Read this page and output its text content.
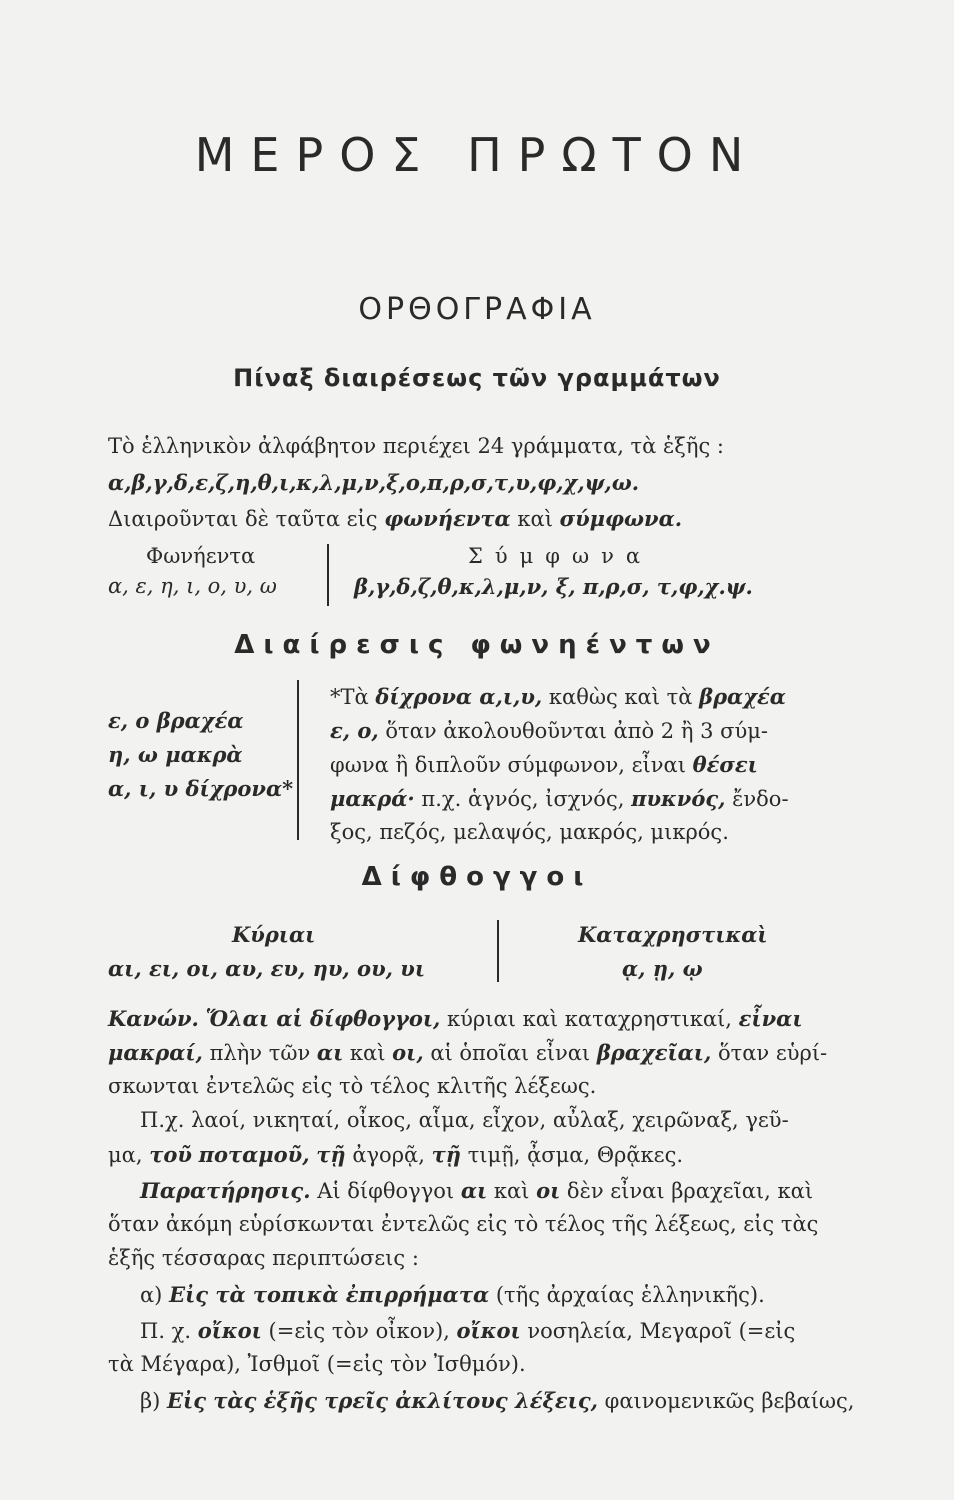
ΜΕΡΟΣ ΠΡΩΤΟΝ
ΟΡΘΟΓΡΑΦΙΑ
Πίναξ διαιρέσεως τῶν γραμμάτων
Τὸ ἑλληνικὸν ἀλφάβητον περιέχει 24 γράμματα, τὰ ἑξῆς :
α,β,γ,δ,ε,ζ,η,θ,ι,κ,λ,μ,ν,ξ,ο,π,ρ,σ,τ,υ,φ,χ,ψ,ω.
Διαιροῦνται δὲ ταῦτα εἰς φωνήεντα καὶ σύμφωνα.
Φωνήεντα
α, ε, η, ι, ο, υ, ω
Σύμφωνα
β,γ,δ,ζ,θ,κ,λ,μ,ν, ξ, π,ρ,σ, τ,φ,χ.ψ.
Διαίρεσις φωνηέντων
ε, ο βραχέα
η, ω μακρὰ
α, ι, υ δίχρονα*
*Τὰ δίχρονα α,ι,υ, καθὼς καὶ τὰ βραχέα
ε, ο, ὅταν ἀκολουθοῦνται ἀπὸ 2 ἢ 3 σύμ-
φωνα ἢ διπλοῦν σύμφωνον, εἶναι θέσει
μακρά· π.χ. ἁγνός, ἰσχνός, πυκνός, ἔνδο-
ξος, πεζός, μελαψός, μακρός, μικρός.
Δίφθογγοι
Κύριαι
αι, ει, οι, αυ, ευ, ηυ, ου, υι
Καταχρηστικαὶ
ᾳ, ῃ, ῳ
Κανών. Ὅλαι αἱ δίφθογγοι, κύριαι καὶ καταχρηστικαί, εἶναι
μακραί, πλὴν τῶν αι καὶ οι, αἱ ὁποῖαι εἶναι βραχεῖαι, ὅταν εὑρί-
σκωνται ἐντελῶς εἰς τὸ τέλος κλιτῆς λέξεως.
Π.χ. λαοί, νικηταί, οἶκος, αἷμα, εἶχον, αὖλαξ, χειρῶναξ, γεῦ-
μα, τοῦ ποταμοῦ, τῇ ἀγορᾷ, τῇ τιμῇ, ᾆσμα, Θρᾷκες.
Παρατήρησις. Αἱ δίφθογγοι αι καὶ οι δὲν εἶναι βραχεῖαι, καὶ
ὅταν ἀκόμη εὑρίσκωνται ἐντελῶς εἰς τὸ τέλος τῆς λέξεως, εἰς τὰς
ἑξῆς τέσσαρας περιπτώσεις :
α) Εἰς τὰ τοπικὰ ἐπιρρήματα (τῆς ἀρχαίας ἑλληνικῆς).
Π. χ. οἴκοι (=εἰς τὸν οἶκον), οἴκοι νοσηλεία, Μεγαροῖ (=εἰς
τὰ Μέγαρα), Ἰσθμοῖ (=εἰς τὸν Ἰσθμόν).
β) Εἰς τὰς ἑξῆς τρεῖς ἀκλίτους λέξεις, φαινομενικῶς βεβαίως,
